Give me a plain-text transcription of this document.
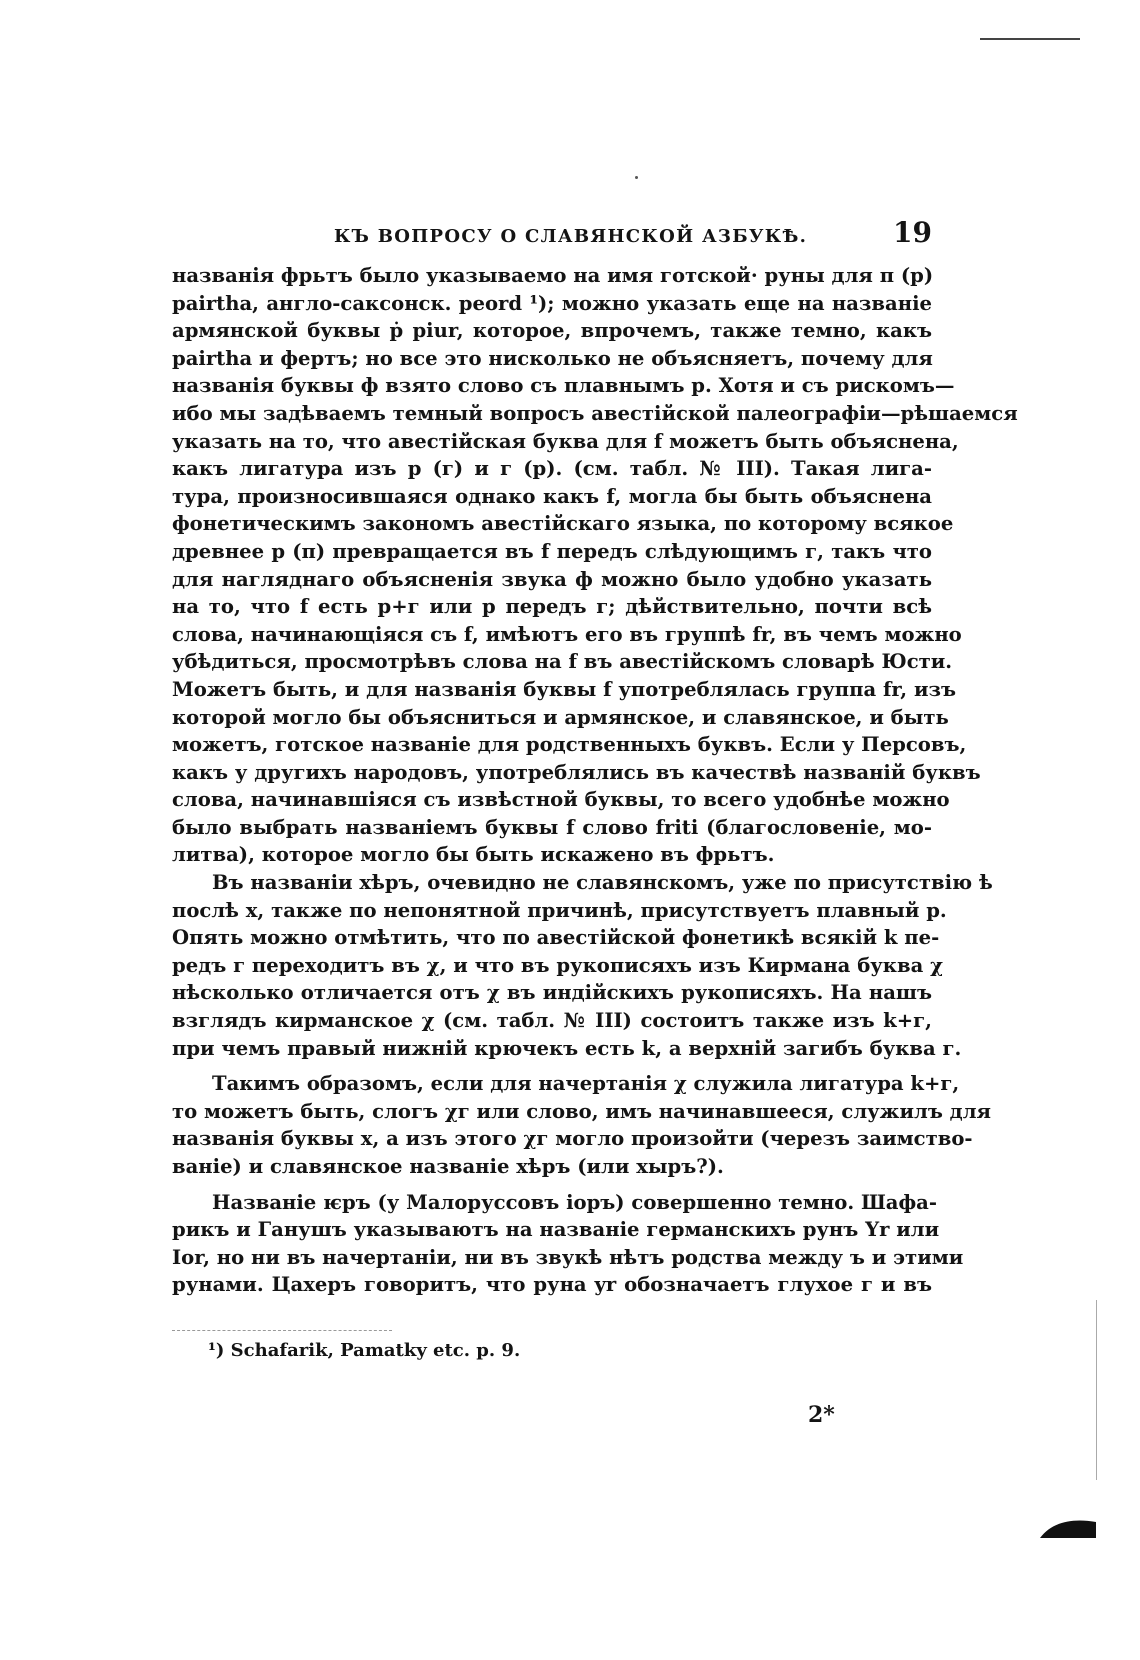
КЪ ВОПРОСУ О СЛАВЯНСКОЙ АЗБУКѢ.	19
названія фрьтъ было указываемо на имя готской· руны для п (р)
pairtha, англо-саксонск. peord ¹); можно указать еще на названіе
армянской буквы ṗ piur, которое, впрочемъ, также темно, какъ
pairtha и фертъ; но все это нисколько не объясняетъ, почему для
названія буквы ф взято слово съ плавнымъ р. Хотя и съ рискомъ—
ибо мы задѣваемъ темный вопросъ авестійской палеографіи—рѣшаемся
указать на то, что авестійская буква для f можетъ быть объяснена,
какъ лигатура изъ р (г) и г (р). (см. табл. № III). Такая лига-
тура, произносившаяся однако какъ f, могла бы быть объяснена
фонетическимъ закономъ авестійскаго языка, по которому всякое
древнее р (п) превращается въ f передъ слѣдующимъ г, такъ что
для нагляднаго объясненія звука ф можно было удобно указать
на то, что f есть р+г или р передъ г; дѣйствительно, почти всѣ
слова, начинающіяся съ f, имѣютъ его въ группѣ fr, въ чемъ можно
убѣдиться, просмотрѣвъ слова на f въ авестійскомъ словарѣ Юсти.
Можетъ быть, и для названія буквы f употреблялась группа fr, изъ
которой могло бы объясниться и армянское, и славянское, и быть
можетъ, готское названіе для родственныхъ буквъ. Если у Персовъ,
какъ у другихъ народовъ, употреблялись въ качествѣ названій буквъ
слова, начинавшіяся съ извѣстной буквы, то всего удобнѣе можно
было выбрать названіемъ буквы f слово friti (благословеніе, мо-
литва), которое могло бы быть искажено въ фрьтъ.
Въ названіи хѣръ, очевидно не славянскомъ, уже по присутствію ѣ
послѣ х, также по непонятной причинѣ, присутствуетъ плавный р.
Опять можно отмѣтить, что по авестійской фонетикѣ всякій k пе-
редъ г переходитъ въ χ, и что въ рукописяхъ изъ Кирмана буква χ
нѣсколько отличается отъ χ въ индійскихъ рукописяхъ. На нашъ
взглядъ кирманское χ (см. табл. № III) состоитъ также изъ k+г,
при чемъ правый нижній крючекъ есть k, а верхній загибъ буква г.
Такимъ образомъ, если для начертанія χ служила лигатура k+г,
то можетъ быть, слогъ χг или слово, имъ начинавшееся, служилъ для
названія буквы х, а изъ этого χг могло произойти (черезъ заимство-
ваніе) и славянское названіе хѣръ (или хыръ?).
Названіе ѥръ (у Малоруссовъ іоръ) совершенно темно. Шафа-
рикъ и Ганушъ указываютъ на названіе германскихъ рунъ Yr или
Ior, но ни въ начертаніи, ни въ звукѣ нѣтъ родства между ъ и этими
рунами. Цахеръ говоритъ, что руна yr обозначаетъ глухое г и въ
¹) Schafarik, Pamatky etc. p. 9.
2*
